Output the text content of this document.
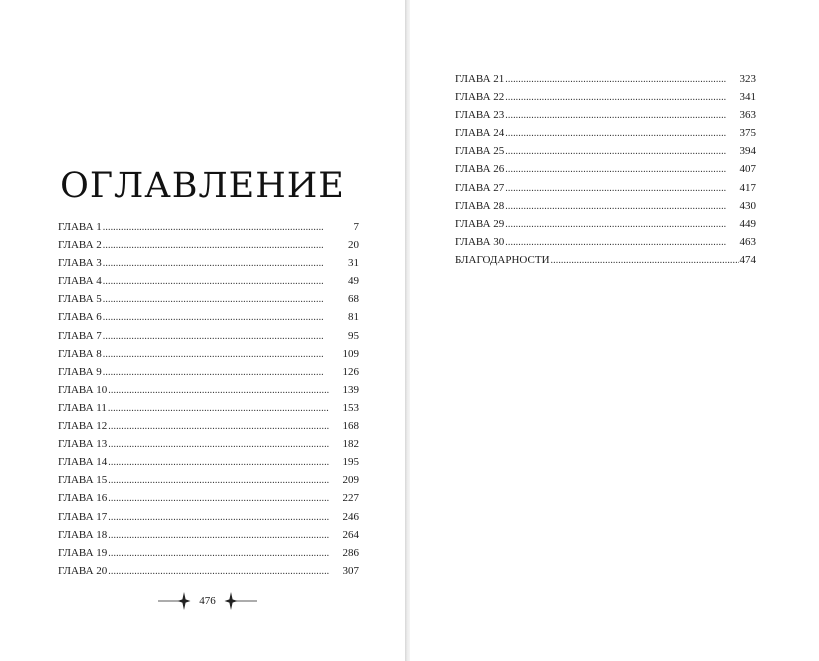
ОГЛАВЛЕНИЕ
ГЛАВА 1 . . .	7
ГЛАВА 2 . . .	20
ГЛАВА 3 . . .	31
ГЛАВА 4 . . .	49
ГЛАВА 5 . . .	68
ГЛАВА 6 . . .	81
ГЛАВА 7 . . .	95
ГЛАВА 8 . . .	109
ГЛАВА 9 . . .	126
ГЛАВА 10 . . .	139
ГЛАВА 11 . . .	153
ГЛАВА 12 . . .	168
ГЛАВА 13 . . .	182
ГЛАВА 14 . . .	195
ГЛАВА 15 . . .	209
ГЛАВА 16 . . .	227
ГЛАВА 17 . . .	246
ГЛАВА 18 . . .	264
ГЛАВА 19 . . .	286
ГЛАВА 20 . . .	307
ГЛАВА 21 . . .	323
ГЛАВА 22 . . .	341
ГЛАВА 23 . . .	363
ГЛАВА 24 . . .	375
ГЛАВА 25 . . .	394
ГЛАВА 26 . . .	407
ГЛАВА 27 . . .	417
ГЛАВА 28 . . .	430
ГЛАВА 29 . . .	449
ГЛАВА 30 . . .	463
БЛАГОДАРНОСТИ . . .	474
476
